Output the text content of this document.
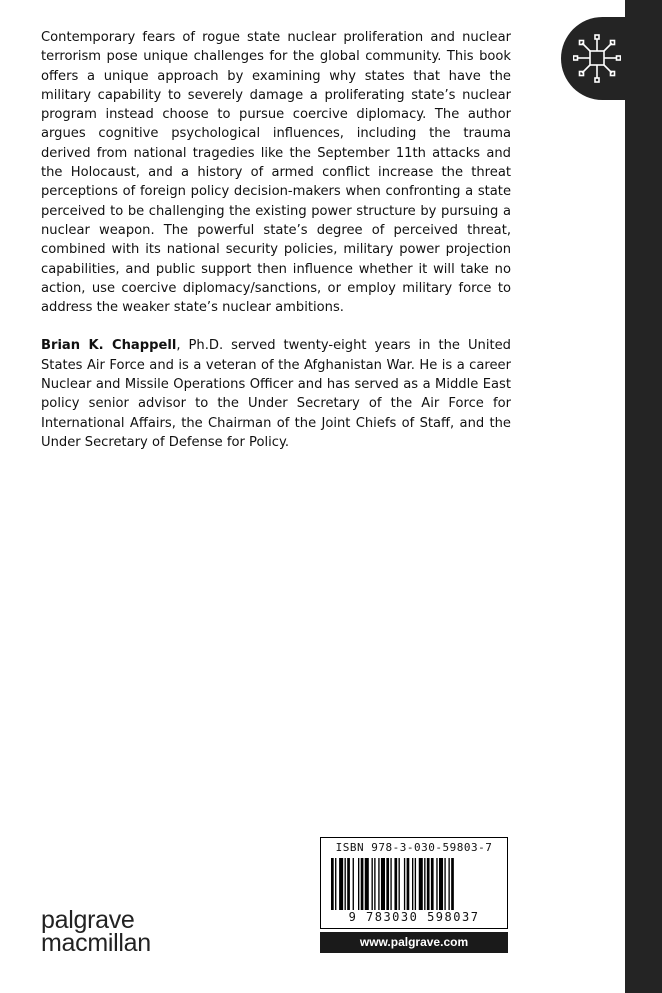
Contemporary fears of rogue state nuclear proliferation and nuclear terrorism pose unique challenges for the global community. This book offers a unique approach by examining why states that have the military capability to severely damage a proliferating state’s nuclear program instead choose to pursue coercive diplomacy. The author argues cognitive psychological influences, including the trauma derived from national tragedies like the September 11th attacks and the Holocaust, and a history of armed conflict increase the threat perceptions of foreign policy decision-makers when confronting a state perceived to be challenging the existing power structure by pursuing a nuclear weapon. The powerful state’s degree of perceived threat, combined with its national security policies, military power projection capabilities, and public support then influence whether it will take no action, use coercive diplomacy/sanctions, or employ military force to address the weaker state’s nuclear ambitions.

Brian K. Chappell, Ph.D. served twenty-eight years in the United States Air Force and is a veteran of the Afghanistan War. He is a career Nuclear and Missile Operations Officer and has served as a Middle East policy senior advisor to the Under Secretary of the Air Force for International Affairs, the Chairman of the Joint Chiefs of Staff, and the Under Secretary of Defense for Policy.

ISBN 978-3-030-59803-7
9 783030 598037
www.palgrave.com
palgrave
macmillan
